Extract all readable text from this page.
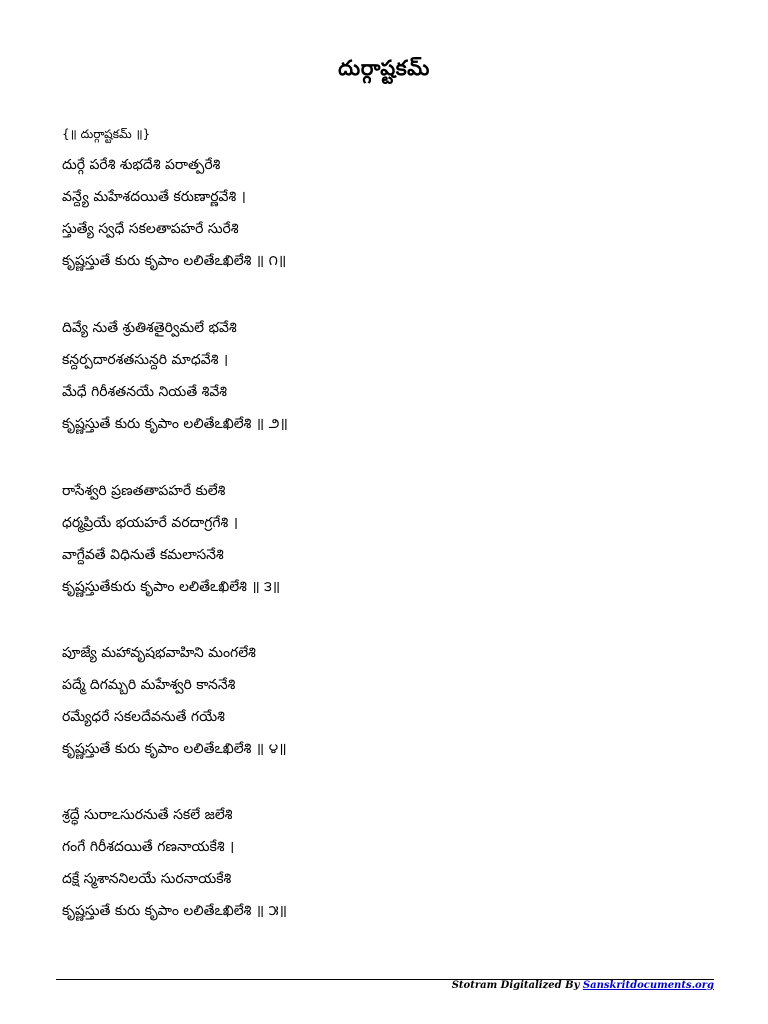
దుర్గాష్టకమ్
{॥ దుర్గాష్టకమ్ ॥}
దుర్గే పరేశి శుభదేశి పరాత్పరేశి
వన్ద్యే మహేశదయితే కరుణార్ణవేశి ।
స్తుత్యే స్వధే సకలతాపహరే సురేశి
కృష్ణస్తుతే కురు కృపాం లలితేఽఖిలేశి ॥ ౧॥
దివ్యే నుతే శ్రుతిశతైర్విమలే భవేశి
కన్దర్పదారశతసున్దరి మాధవేశి ।
మేధే గిరీశతనయే నియతే శివేశి
కృష్ణస్తుతే కురు కృపాం లలితేఽఖిలేశి ॥ ౨॥
రాసేశ్వరి ప్రణతతాపహరే కులేశి
ధర్మప్రియే భయహరే వరదాగ్రగేశి ।
వాగ్దేవతే విధినుతే కమలాసనేశి
కృష్ణస్తుతేకురు కృపాం లలితేఽఖిలేశి ॥ ౩॥
పూజ్యే మహావృషభవాహిని మంగలేశి
పద్మే దిగమ్బరి మహేశ్వరి కాననేశి
రమ్యేధరే సకలదేవనుతే గయేశి
కృష్ణస్తుతే కురు కృపాం లలితేఽఖిలేశి ॥ ౪॥
శ్రద్ధే సురాఽసురనుతే సకలే జలేశి
గంగే గిరీశదయితే గణనాయకేశి ।
దక్షే స్మశాననిలయే సురనాయకేశి
కృష్ణస్తుతే కురు కృపాం లలితేఽఖిలేశి ॥ ౫॥
Stotram Digitalized By Sanskritdocuments.org
